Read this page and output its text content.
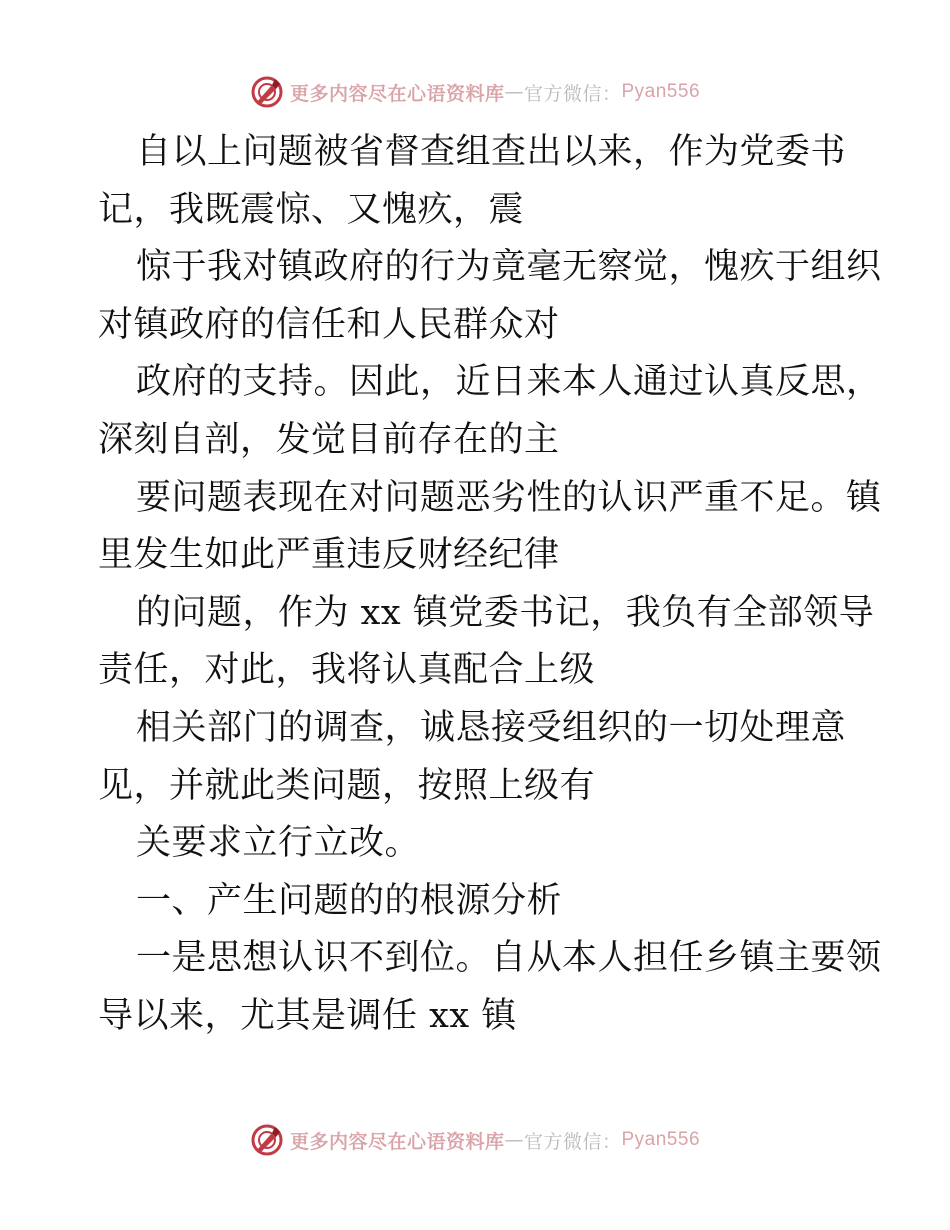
更多内容尽在心语资料库 — 官方微信： Pyan556
自以上问题被省督查组查出以来，作为党委书
记，我既震惊、又愧疚，震
惊于我对镇政府的行为竟毫无察觉，愧疚于组织
对镇政府的信任和人民群众对
政府的支持。因此，近日来本人通过认真反思，
深刻自剖，发觉目前存在的主
要问题表现在对问题恶劣性的认识严重不足。镇
里发生如此严重违反财经纪律
的问题，作为 xx 镇党委书记，我负有全部领导
责任，对此，我将认真配合上级
相关部门的调查，诚恳接受组织的一切处理意
见，并就此类问题，按照上级有
关要求立行立改。
一、产生问题的的根源分析
一是思想认识不到位。自从本人担任乡镇主要领
导以来，尤其是调任 xx 镇
更多内容尽在心语资料库 — 官方微信： Pyan556
